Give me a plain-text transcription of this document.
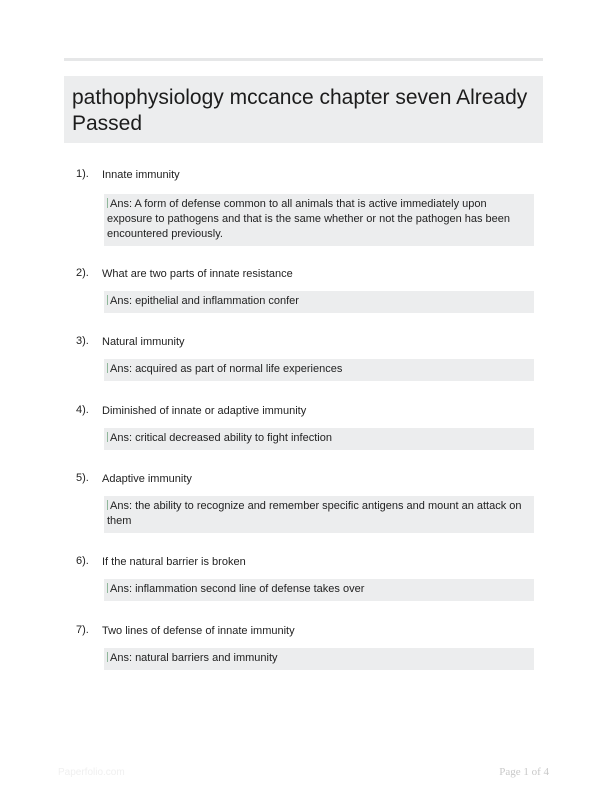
pathophysiology mccance chapter seven Already Passed
1). Innate immunity
Ans: A form of defense common to all animals that is active immediately upon exposure to pathogens and that is the same whether or not the pathogen has been encountered previously.
2). What are two parts of innate resistance
Ans: epithelial and inflammation confer
3). Natural immunity
Ans: acquired as part of normal life experiences
4). Diminished of innate or adaptive immunity
Ans: critical decreased ability to fight infection
5). Adaptive immunity
Ans: the ability to recognize and remember specific antigens and mount an attack on them
6). If the natural barrier is broken
Ans: inflammation second line of defense takes over
7). Two lines of defense of innate immunity
Ans: natural barriers and immunity
Paperfolio.com	Page 1 of 4
